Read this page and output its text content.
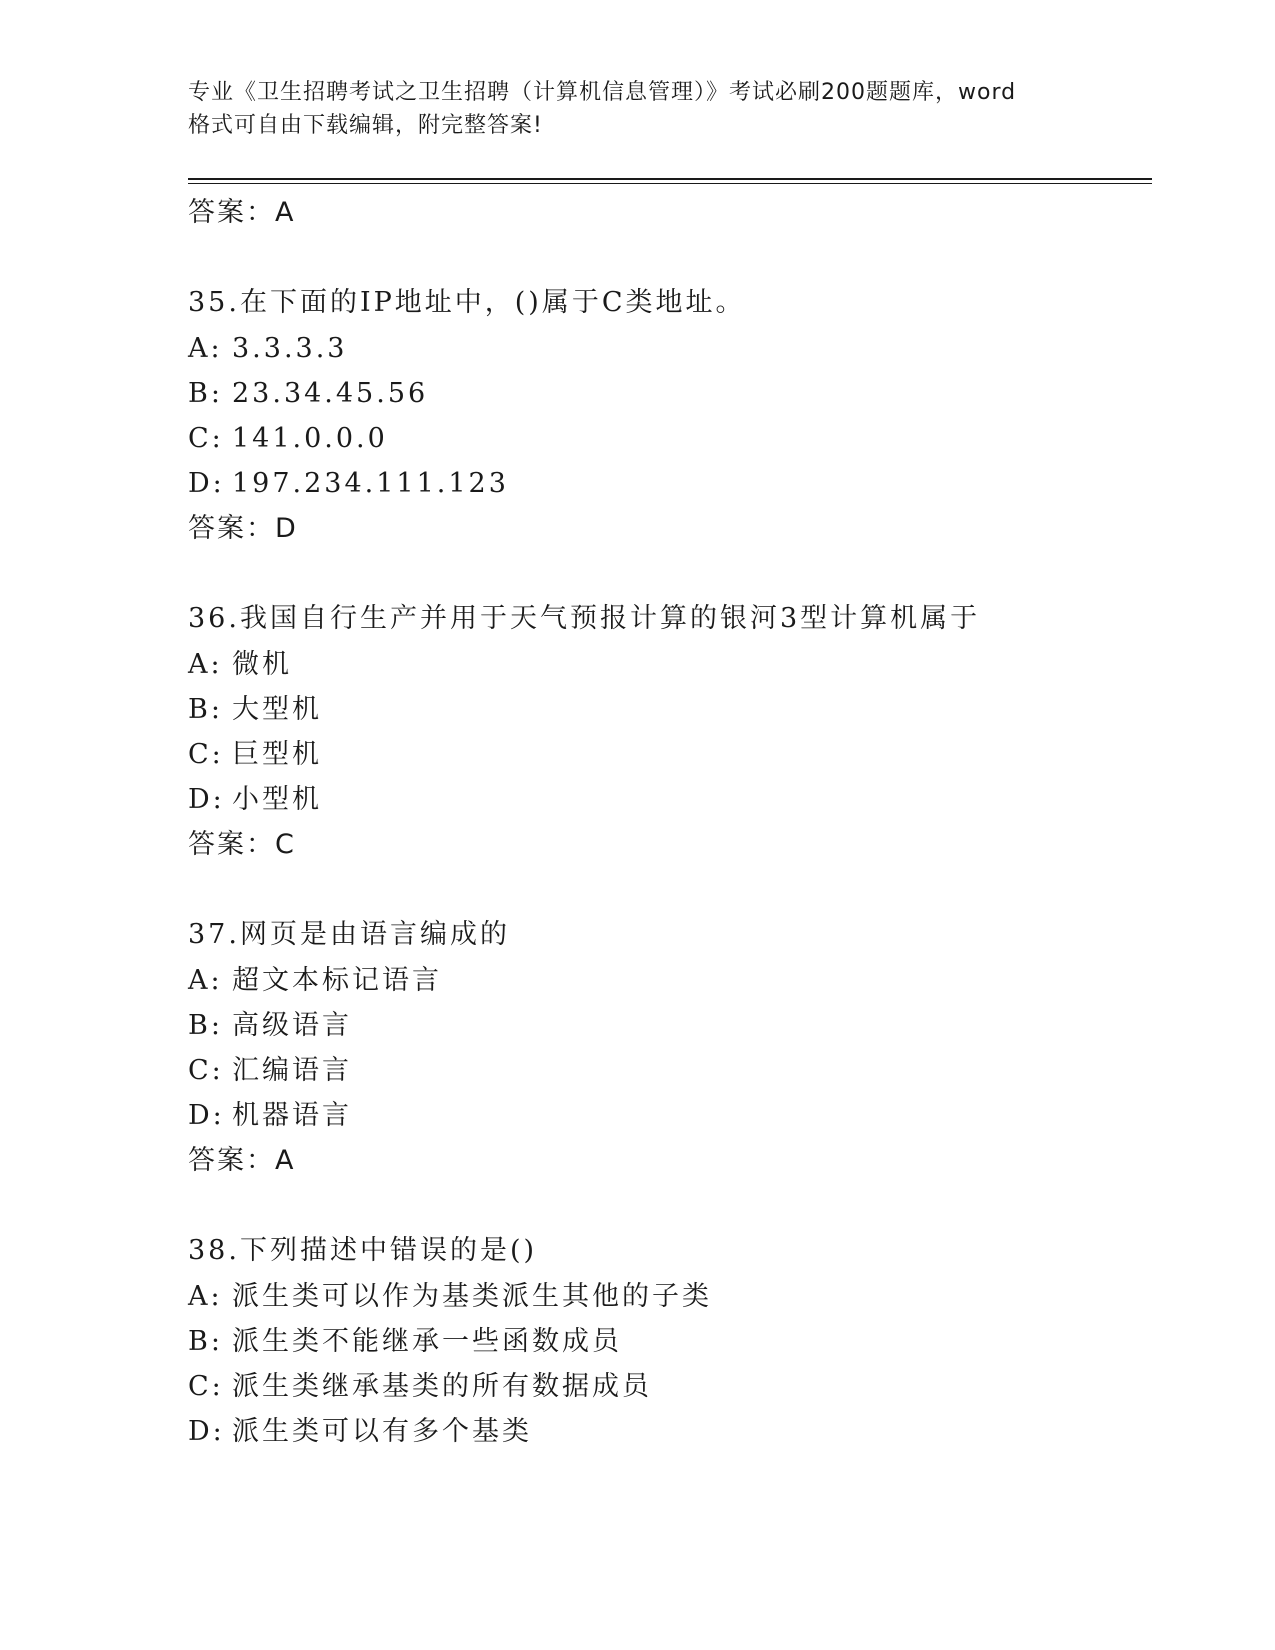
专业《卫生招聘考试之卫生招聘（计算机信息管理）》考试必刷200题题库，word
格式可自由下载编辑，附完整答案!
答案：A
35.在下面的IP地址中，()属于C类地址。
A: 3.3.3.3
B: 23.34.45.56
C: 141.0.0.0
D: 197.234.111.123
答案：D
36.我国自行生产并用于天气预报计算的银河3型计算机属于
A: 微机
B: 大型机
C: 巨型机
D: 小型机
答案：C
37.网页是由语言编成的
A: 超文本标记语言
B: 高级语言
C: 汇编语言
D: 机器语言
答案：A
38.下列描述中错误的是()
A: 派生类可以作为基类派生其他的子类
B: 派生类不能继承一些函数成员
C: 派生类继承基类的所有数据成员
D: 派生类可以有多个基类
